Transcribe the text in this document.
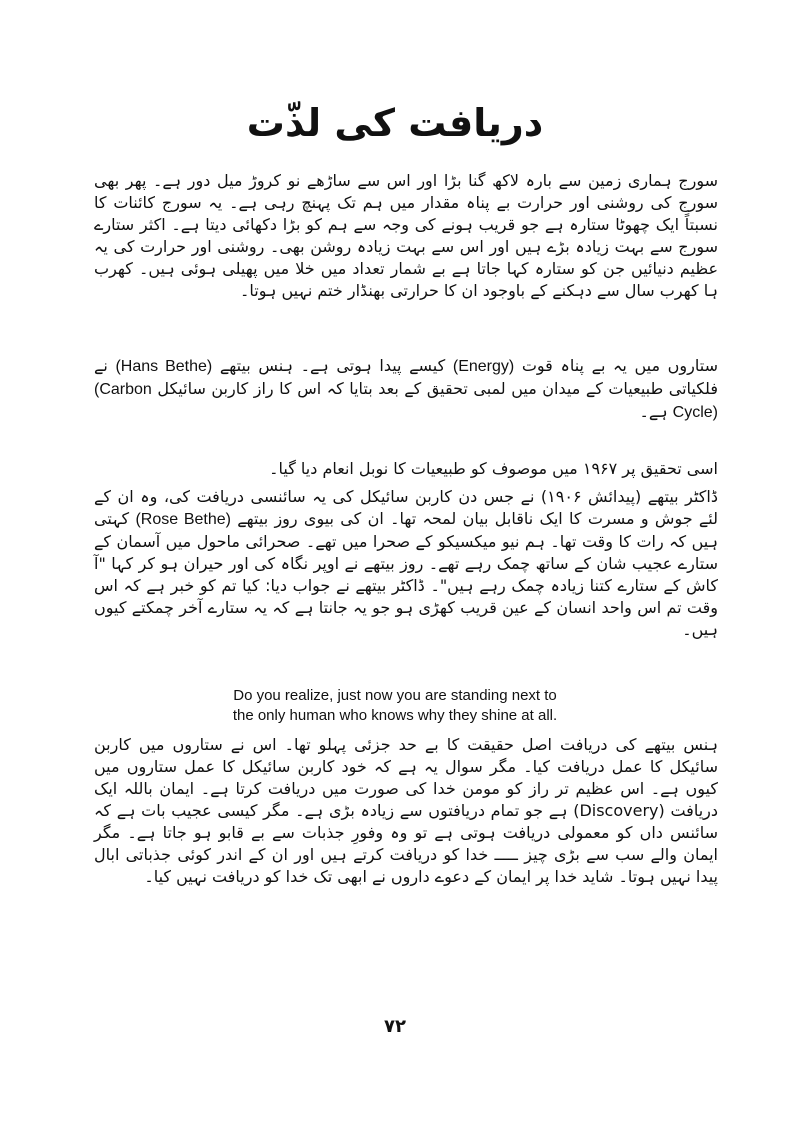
دریافت کی لذّت

سورج ہماری زمین سے بارہ لاکھ گنا بڑا اور اس سے ساڑھے نو کروڑ میل دور ہے۔ پھر بھی سورج کی روشنی اور حرارت بے پناہ مقدار میں ہم تک پہنچ رہی ہے۔ یہ سورج کائنات کا نسبتاً ایک چھوٹا ستارہ ہے جو قریب ہونے کی وجہ سے ہم کو بڑا دکھائی دیتا ہے۔ اکثر ستارے سورج سے بہت زیادہ بڑے ہیں اور اس سے بہت زیادہ روشن بھی۔ روشنی اور حرارت کی یہ عظیم دنیائیں جن کو ستارہ کہا جاتا ہے بے شمار تعداد میں خلا میں پھیلی ہوئی ہیں۔ کھرب ہا کھرب سال سے دہکنے کے باوجود ان کا حرارتی بھنڈار ختم نہیں ہوتا۔

ستاروں میں یہ بے پناہ قوت (Energy) کیسے پیدا ہوتی ہے۔ ہنس بیتھے (Hans Bethe) نے فلکیاتی طبیعیات کے میدان میں لمبی تحقیق کے بعد بتایا کہ اس کا راز کاربن سائیکل (Carbon Cycle) ہے۔

اسی تحقیق پر ۱۹۶۷ میں موصوف کو طبیعیات کا نوبل انعام دیا گیا۔

ڈاکٹر بیتھے (پیدائش ۱۹۰۶) نے جس دن کاربن سائیکل کی یہ سائنسی دریافت کی، وہ ان کے لئے جوش و مسرت کا ایک ناقابل بیان لمحہ تھا۔ ان کی بیوی روز بیتھے (Rose Bethe) کہتی ہیں کہ رات کا وقت تھا۔ ہم نیو میکسیکو کے صحرا میں تھے۔ صحرائی ماحول میں آسمان کے ستارے عجیب شان کے ساتھ چمک رہے تھے۔ روز بیتھے نے اوپر نگاہ کی اور حیران ہو کر کہا "آ کاش کے ستارے کتنا زیادہ چمک رہے ہیں"۔ ڈاکٹر بیتھے نے جواب دیا: کیا تم کو خبر ہے کہ اس وقت تم اس واحد انسان کے عین قریب کھڑی ہو جو یہ جانتا ہے کہ یہ ستارے آخر چمکتے کیوں ہیں۔

Do you realize, just now you are standing next to
the only human who knows why they shine at all.

ہنس بیتھے کی دریافت اصل حقیقت کا بے حد جزئی پہلو تھا۔ اس نے ستاروں میں کاربن سائیکل کا عمل دریافت کیا۔ مگر سوال یہ ہے کہ خود کاربن سائیکل کا عمل ستاروں میں کیوں ہے۔ اس عظیم تر راز کو مومن خدا کی صورت میں دریافت کرتا ہے۔ ایمان باللہ ایک دریافت (Discovery) ہے جو تمام دریافتوں سے زیادہ بڑی ہے۔ مگر کیسی عجیب بات ہے کہ سائنس داں کو معمولی دریافت ہوتی ہے تو وہ وفورِ جذبات سے بے قابو ہو جاتا ہے۔ مگر ایمان والے سب سے بڑی چیز ـــــ خدا کو دریافت کرتے ہیں اور ان کے اندر کوئی جذباتی ابال پیدا نہیں ہوتا۔ شاید خدا پر ایمان کے دعوے داروں نے ابھی تک خدا کو دریافت نہیں کیا۔

۷۲
